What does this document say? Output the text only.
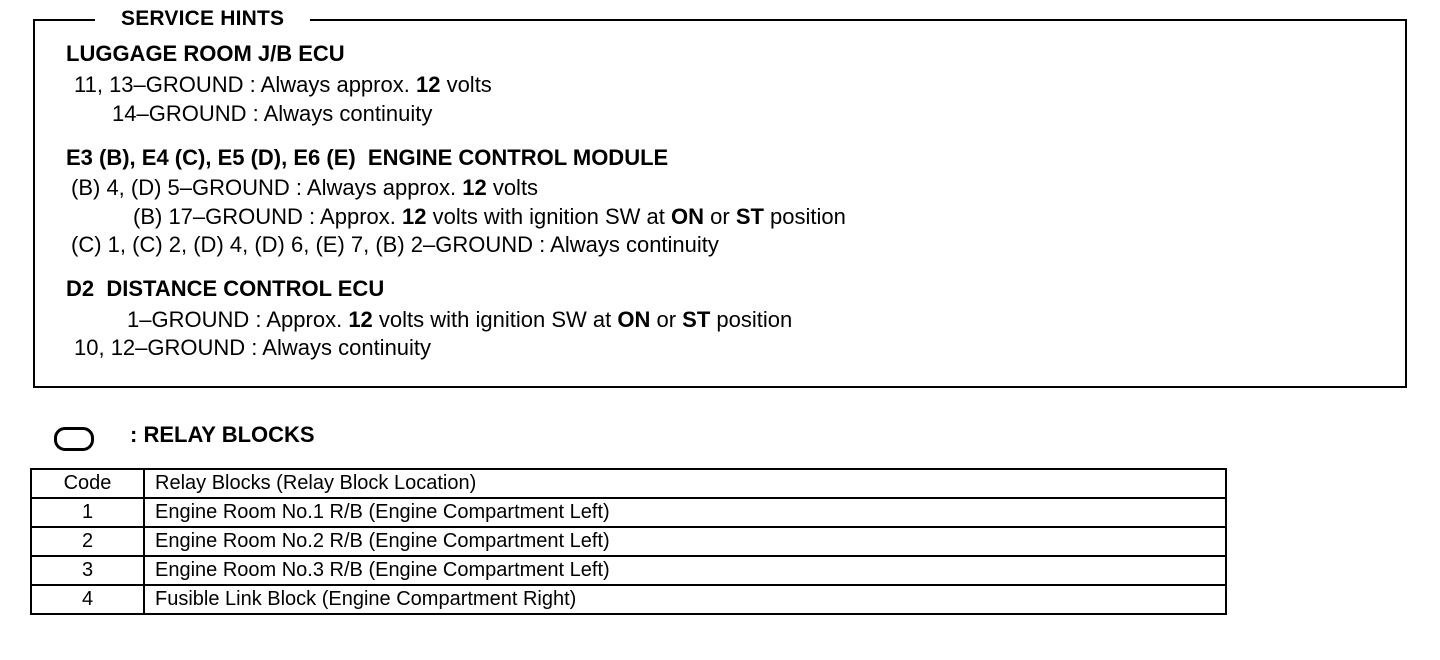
SERVICE HINTS
LUGGAGE ROOM J/B ECU
11, 13–GROUND : Always approx. 12 volts
14–GROUND : Always continuity
E3 (B), E4 (C), E5 (D), E6 (E)  ENGINE CONTROL MODULE
(B) 4, (D) 5–GROUND : Always approx. 12 volts
(B) 17–GROUND : Approx. 12 volts with ignition SW at ON or ST position
(C) 1, (C) 2, (D) 4, (D) 6, (E) 7, (B) 2–GROUND : Always continuity
D2  DISTANCE CONTROL ECU
1–GROUND : Approx. 12 volts with ignition SW at ON or ST position
10, 12–GROUND : Always continuity
: RELAY BLOCKS
Code	Relay Blocks (Relay Block Location)
1	Engine Room No.1 R/B (Engine Compartment Left)
2	Engine Room No.2 R/B (Engine Compartment Left)
3	Engine Room No.3 R/B (Engine Compartment Left)
4	Fusible Link Block (Engine Compartment Right)
